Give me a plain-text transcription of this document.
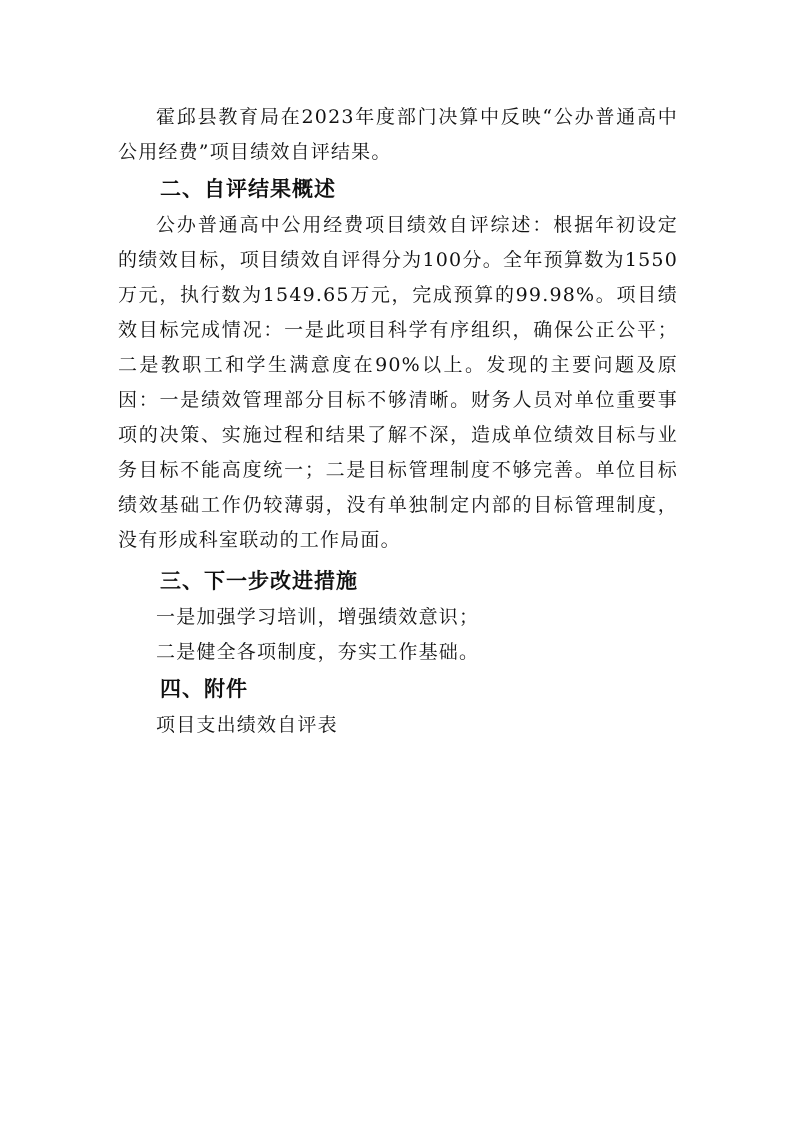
霍邱县教育局在2023年度部门决算中反映“公办普通高中公用经费”项目绩效自评结果。

二、自评结果概述

公办普通高中公用经费项目绩效自评综述：根据年初设定的绩效目标，项目绩效自评得分为100分。全年预算数为1550万元，执行数为1549.65万元，完成预算的99.98%。项目绩效目标完成情况：一是此项目科学有序组织，确保公正公平；二是教职工和学生满意度在90%以上。发现的主要问题及原因：一是绩效管理部分目标不够清晰。财务人员对单位重要事项的决策、实施过程和结果了解不深，造成单位绩效目标与业务目标不能高度统一；二是目标管理制度不够完善。单位目标绩效基础工作仍较薄弱，没有单独制定内部的目标管理制度，没有形成科室联动的工作局面。

三、下一步改进措施

一是加强学习培训，增强绩效意识；

二是健全各项制度，夯实工作基础。

四、附件

项目支出绩效自评表
